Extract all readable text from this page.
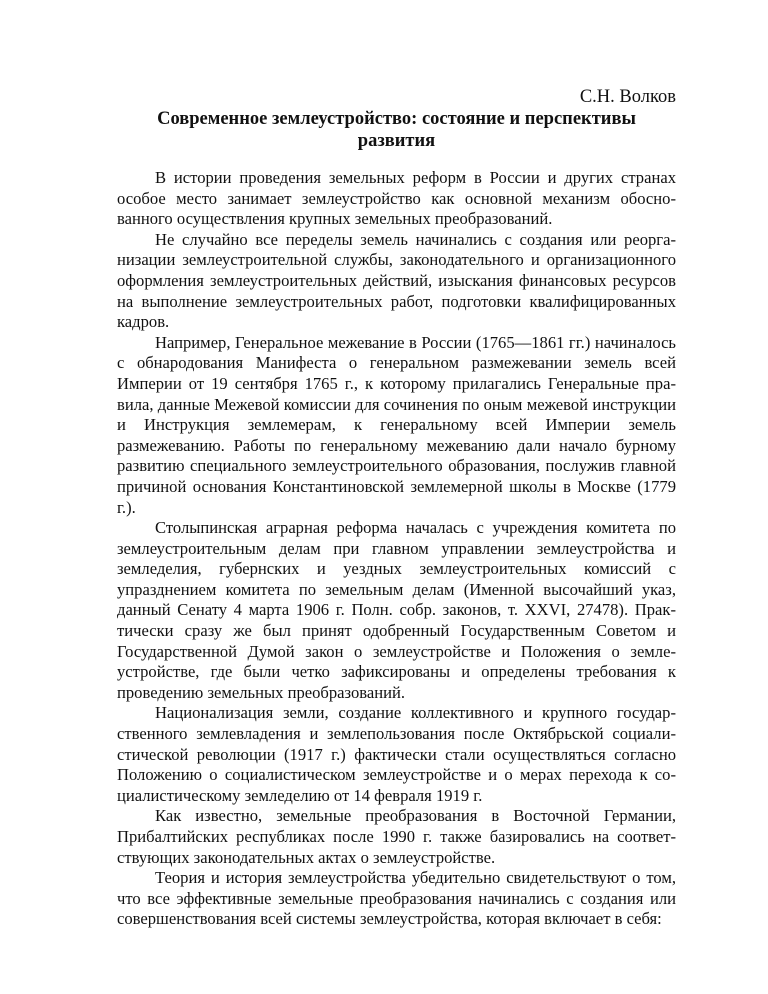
С.Н. Волков

Современное землеустройство: состояние и перспективы развития

В истории проведения земельных реформ в России и других странах особое место занимает землеустройство как основной механизм обоснованного осуществления крупных земельных преобразований.

Не случайно все переделы земель начинались с создания или реорганизации землеустроительной службы, законодательного и организационного оформления землеустроительных действий, изыскания финансовых ресурсов на выполнение землеустроительных работ, подготовки квалифицированных кадров.

Например, Генеральное межевание в России (1765—1861 гг.) начиналось с обнародования Манифеста о генеральном размежевании земель всей Империи от 19 сентября 1765 г., к которому прилагались Генеральные правила, данные Межевой комиссии для сочинения по оным межевой инструкции и Инструкция землемерам, к генеральному всей Империи земель размежеванию. Работы по генеральному межеванию дали начало бурному развитию специального землеустроительного образования, послужив главной причиной основания Константиновской землемерной школы в Москве (1779 г.).

Столыпинская аграрная реформа началась с учреждения комитета по землеустроительным делам при главном управлении землеустройства и земледелия, губернских и уездных землеустроительных комиссий с упразднением комитета по земельным делам (Именной высочайший указ, данный Сенату 4 марта 1906 г. Полн. собр. законов, т. XXVI, 27478). Практически сразу же был принят одобренный Государственным Советом и Государственной Думой закон о землеустройстве и Положения о землеустройстве, где были четко зафиксированы и определены требования к проведению земельных преобразований.

Национализация земли, создание коллективного и крупного государственного землевладения и землепользования после Октябрьской социалистической революции (1917 г.) фактически стали осуществляться согласно Положению о социалистическом землеустройстве и о мерах перехода к социалистическому земледелию от 14 февраля 1919 г.

Как известно, земельные преобразования в Восточной Германии, Прибалтийских республиках после 1990 г. также базировались на соответствующих законодательных актах о землеустройстве.

Теория и история землеустройства убедительно свидетельствуют о том, что все эффективные земельные преобразования начинались с создания или совершенствования всей системы землеустройства, которая включает в себя:
